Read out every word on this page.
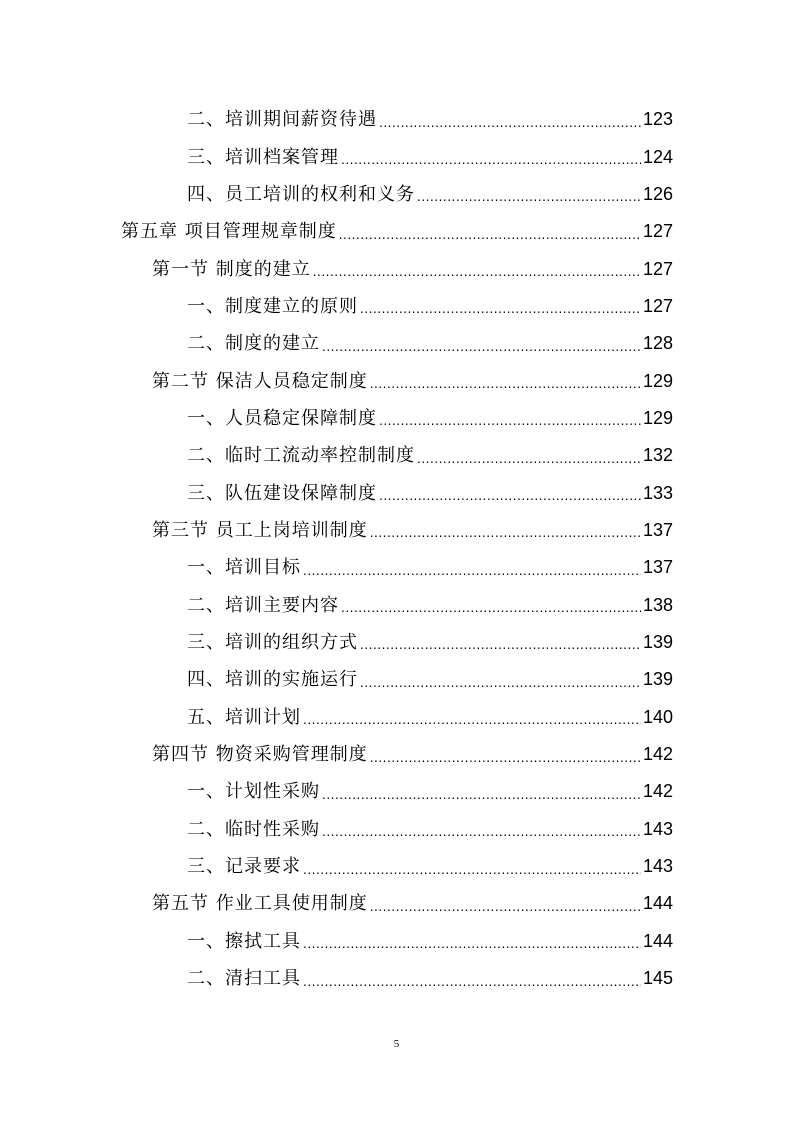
二、培训期间薪资待遇 .....	123
三、培训档案管理 .....	124
四、员工培训的权利和义务 .....	126
第五章 项目管理规章制度 .....	127
第一节 制度的建立 .....	127
一、制度建立的原则 .....	127
二、制度的建立 .....	128
第二节 保洁人员稳定制度 .....	129
一、人员稳定保障制度 .....	129
二、临时工流动率控制制度 .....	132
三、队伍建设保障制度 .....	133
第三节 员工上岗培训制度 .....	137
一、培训目标 .....	137
二、培训主要内容 .....	138
三、培训的组织方式 .....	139
四、培训的实施运行 .....	139
五、培训计划 .....	140
第四节 物资采购管理制度 .....	142
一、计划性采购 .....	142
二、临时性采购 .....	143
三、记录要求 .....	143
第五节 作业工具使用制度 .....	144
一、擦拭工具 .....	144
二、清扫工具 .....	145
5
